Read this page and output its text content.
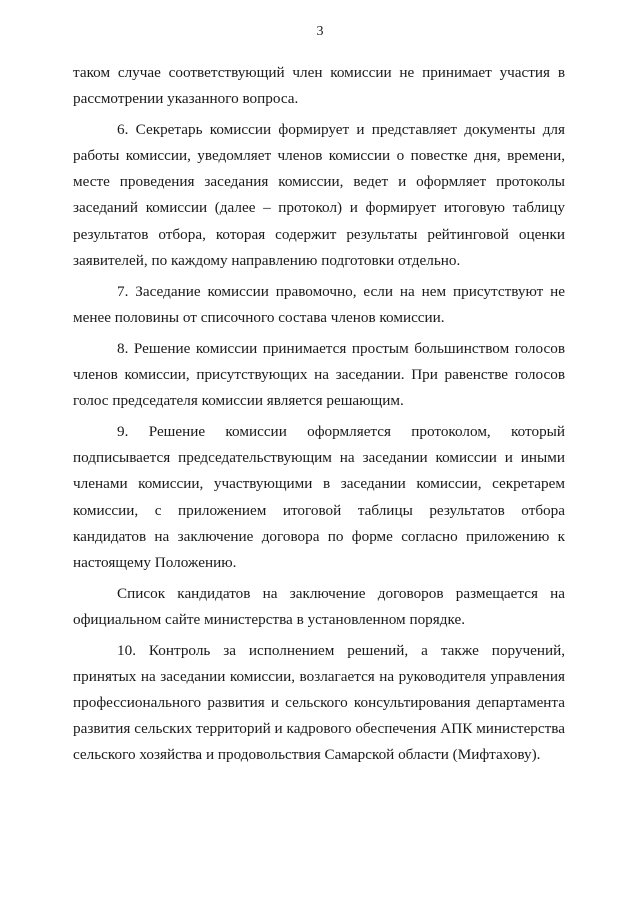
3

таком случае соответствующий член комиссии не принимает участия в рассмотрении указанного вопроса.

6. Секретарь комиссии формирует и представляет документы для работы комиссии, уведомляет членов комиссии о повестке дня, времени, месте проведения заседания комиссии, ведет и оформляет протоколы заседаний комиссии (далее – протокол) и формирует итоговую таблицу результатов отбора, которая содержит результаты рейтинговой оценки заявителей, по каждому направлению подготовки отдельно.

7. Заседание комиссии правомочно, если на нем присутствуют не менее половины от списочного состава членов комиссии.

8. Решение комиссии принимается простым большинством голосов членов комиссии, присутствующих на заседании. При равенстве голосов голос председателя комиссии является решающим.

9. Решение комиссии оформляется протоколом, который подписывается председательствующим на заседании комиссии и иными членами комиссии, участвующими в заседании комиссии, секретарем комиссии, с приложением итоговой таблицы результатов отбора кандидатов на заключение договора по форме согласно приложению к настоящему Положению.

Список кандидатов на заключение договоров размещается на официальном сайте министерства в установленном порядке.

10. Контроль за исполнением решений, а также поручений, принятых на заседании комиссии, возлагается на руководителя управления профессионального развития и сельского консультирования департамента развития сельских территорий и кадрового обеспечения АПК министерства сельского хозяйства и продовольствия Самарской области (Мифтахову).
